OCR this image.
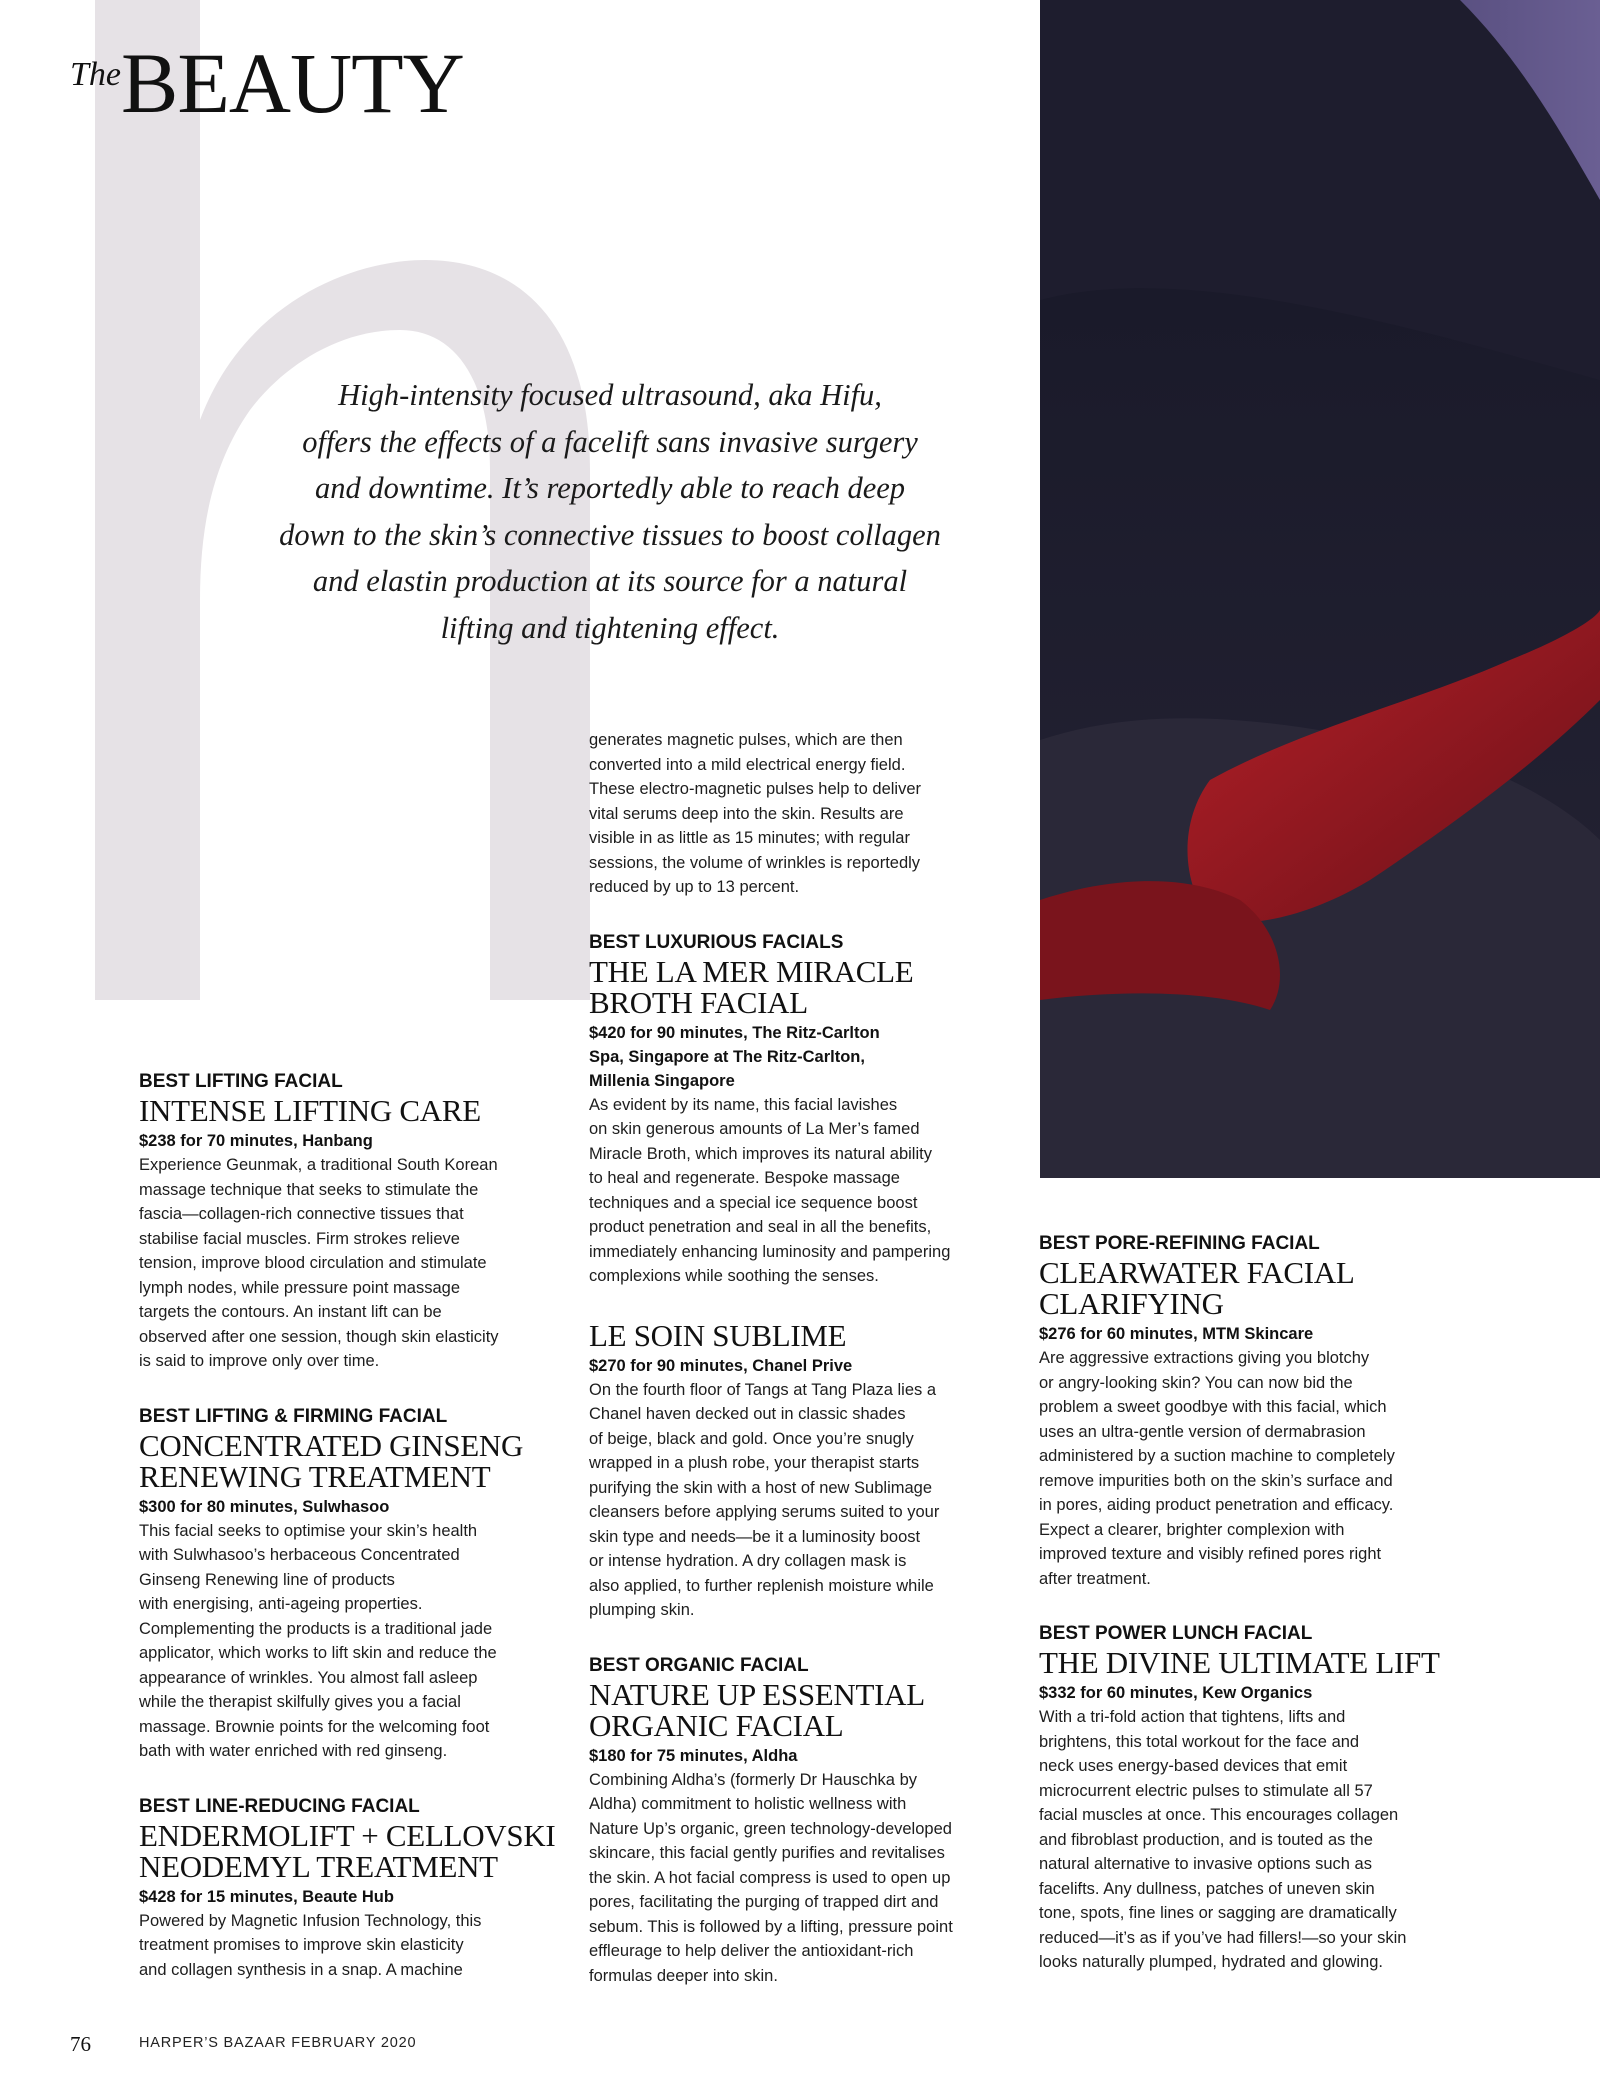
TheBEAUTY
High-intensity focused ultrasound, aka Hifu,
offers the effects of a facelift sans invasive surgery
and downtime. It’s reportedly able to reach deep
down to the skin’s connective tissues to boost collagen
and elastin production at its source for a natural
lifting and tightening effect.
BEST LIFTING FACIAL
INTENSE LIFTING CARE
$238 for 70 minutes, Hanbang
Experience Geunmak, a traditional South Korean
massage technique that seeks to stimulate the
fascia—collagen-rich connective tissues that
stabilise facial muscles. Firm strokes relieve
tension, improve blood circulation and stimulate
lymph nodes, while pressure point massage
targets the contours. An instant lift can be
observed after one session, though skin elasticity
is said to improve only over time.
BEST LIFTING & FIRMING FACIAL
CONCENTRATED GINSENG
RENEWING TREATMENT
$300 for 80 minutes, Sulwhasoo
This facial seeks to optimise your skin’s health
with Sulwhasoo’s herbaceous Concentrated
Ginseng Renewing line of products
with energising, anti-ageing properties.
Complementing the products is a traditional jade
applicator, which works to lift skin and reduce the
appearance of wrinkles. You almost fall asleep
while the therapist skilfully gives you a facial
massage. Brownie points for the welcoming foot
bath with water enriched with red ginseng.
BEST LINE-REDUCING FACIAL
ENDERMOLIFT + CELLOVSKI
NEODEMYL TREATMENT
$428 for 15 minutes, Beaute Hub
Powered by Magnetic Infusion Technology, this
treatment promises to improve skin elasticity
and collagen synthesis in a snap. A machine
generates magnetic pulses, which are then
converted into a mild electrical energy field.
These electro-magnetic pulses help to deliver
vital serums deep into the skin. Results are
visible in as little as 15 minutes; with regular
sessions, the volume of wrinkles is reportedly
reduced by up to 13 percent.
BEST LUXURIOUS FACIALS
THE LA MER MIRACLE
BROTH FACIAL
$420 for 90 minutes, The Ritz-Carlton
Spa, Singapore at The Ritz-Carlton,
Millenia Singapore
As evident by its name, this facial lavishes
on skin generous amounts of La Mer’s famed
Miracle Broth, which improves its natural ability
to heal and regenerate. Bespoke massage
techniques and a special ice sequence boost
product penetration and seal in all the benefits,
immediately enhancing luminosity and pampering
complexions while soothing the senses.
LE SOIN SUBLIME
$270 for 90 minutes, Chanel Prive
On the fourth floor of Tangs at Tang Plaza lies a
Chanel haven decked out in classic shades
of beige, black and gold. Once you’re snugly
wrapped in a plush robe, your therapist starts
purifying the skin with a host of new Sublimage
cleansers before applying serums suited to your
skin type and needs—be it a luminosity boost
or intense hydration. A dry collagen mask is
also applied, to further replenish moisture while
plumping skin.
BEST ORGANIC FACIAL
NATURE UP ESSENTIAL
ORGANIC FACIAL
$180 for 75 minutes, Aldha
Combining Aldha’s (formerly Dr Hauschka by
Aldha) commitment to holistic wellness with
Nature Up’s organic, green technology-developed
skincare, this facial gently purifies and revitalises
the skin. A hot facial compress is used to open up
pores, facilitating the purging of trapped dirt and
sebum. This is followed by a lifting, pressure point
effleurage to help deliver the antioxidant-rich
formulas deeper into skin.
BEST PORE-REFINING FACIAL
CLEARWATER FACIAL
CLARIFYING
$276 for 60 minutes, MTM Skincare
Are aggressive extractions giving you blotchy
or angry-looking skin? You can now bid the
problem a sweet goodbye with this facial, which
uses an ultra-gentle version of dermabrasion
administered by a suction machine to completely
remove impurities both on the skin’s surface and
in pores, aiding product penetration and efficacy.
Expect a clearer, brighter complexion with
improved texture and visibly refined pores right
after treatment.
BEST POWER LUNCH FACIAL
THE DIVINE ULTIMATE LIFT
$332 for 60 minutes, Kew Organics
With a tri-fold action that tightens, lifts and
brightens, this total workout for the face and
neck uses energy-based devices that emit
microcurrent electric pulses to stimulate all 57
facial muscles at once. This encourages collagen
and fibroblast production, and is touted as the
natural alternative to invasive options such as
facelifts. Any dullness, patches of uneven skin
tone, spots, fine lines or sagging are dramatically
reduced—it’s as if you’ve had fillers!—so your skin
looks naturally plumped, hydrated and glowing.
76	HARPER’S BAZAAR FEBRUARY 2020
